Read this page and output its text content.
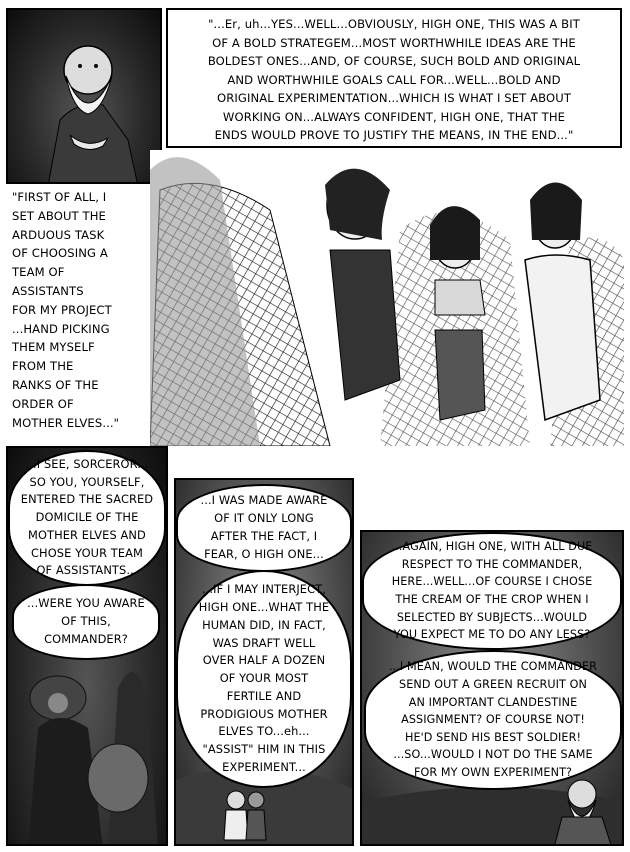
"...Er, uh...YES...WELL...OBVIOUSLY, HIGH ONE, THIS WAS A BIT
OF A BOLD STRATEGEM...MOST WORTHWHILE IDEAS ARE THE
BOLDEST ONES...AND, OF COURSE, SUCH BOLD AND ORIGINAL
AND WORTHWHILE GOALS CALL FOR...WELL...BOLD AND
ORIGINAL EXPERIMENTATION...WHICH IS WHAT I SET ABOUT
WORKING ON...ALWAYS CONFIDENT, HIGH ONE, THAT THE
ENDS WOULD PROVE TO JUSTIFY THE MEANS, IN THE END..."
"FIRST OF ALL, I
SET ABOUT THE
ARDUOUS TASK
OF CHOOSING A
TEAM OF
ASSISTANTS
FOR MY PROJECT
...HAND PICKING
THEM MYSELF
FROM THE
RANKS OF THE
ORDER OF
MOTHER ELVES..."
...I SEE, SORCEROR...
SO YOU, YOURSELF,
ENTERED THE SACRED
DOMICILE OF THE
MOTHER ELVES AND
CHOSE YOUR TEAM
OF ASSISTANTS...
...WERE YOU AWARE
OF THIS,
COMMANDER?
...I WAS MADE AWARE
OF IT ONLY LONG
AFTER THE FACT, I
FEAR, O HIGH ONE...
...IF I MAY INTERJECT,
HIGH ONE...WHAT THE
HUMAN DID, IN FACT,
WAS DRAFT WELL
OVER HALF A DOZEN
OF YOUR MOST
FERTILE AND
PRODIGIOUS MOTHER
ELVES TO...eh...
"ASSIST" HIM IN THIS
EXPERIMENT...
...AGAIN, HIGH ONE, WITH ALL DUE
RESPECT TO THE COMMANDER,
HERE...WELL...OF COURSE I CHOSE
THE CREAM OF THE CROP WHEN I
SELECTED BY SUBJECTS...WOULD
YOU EXPECT ME TO DO ANY LESS?
...I MEAN, WOULD THE COMMANDER
SEND OUT A GREEN RECRUIT ON
AN IMPORTANT CLANDESTINE
ASSIGNMENT? OF COURSE NOT!
HE'D SEND HIS BEST SOLDIER!
...SO...WOULD I NOT DO THE SAME
FOR MY OWN EXPERIMENT?
